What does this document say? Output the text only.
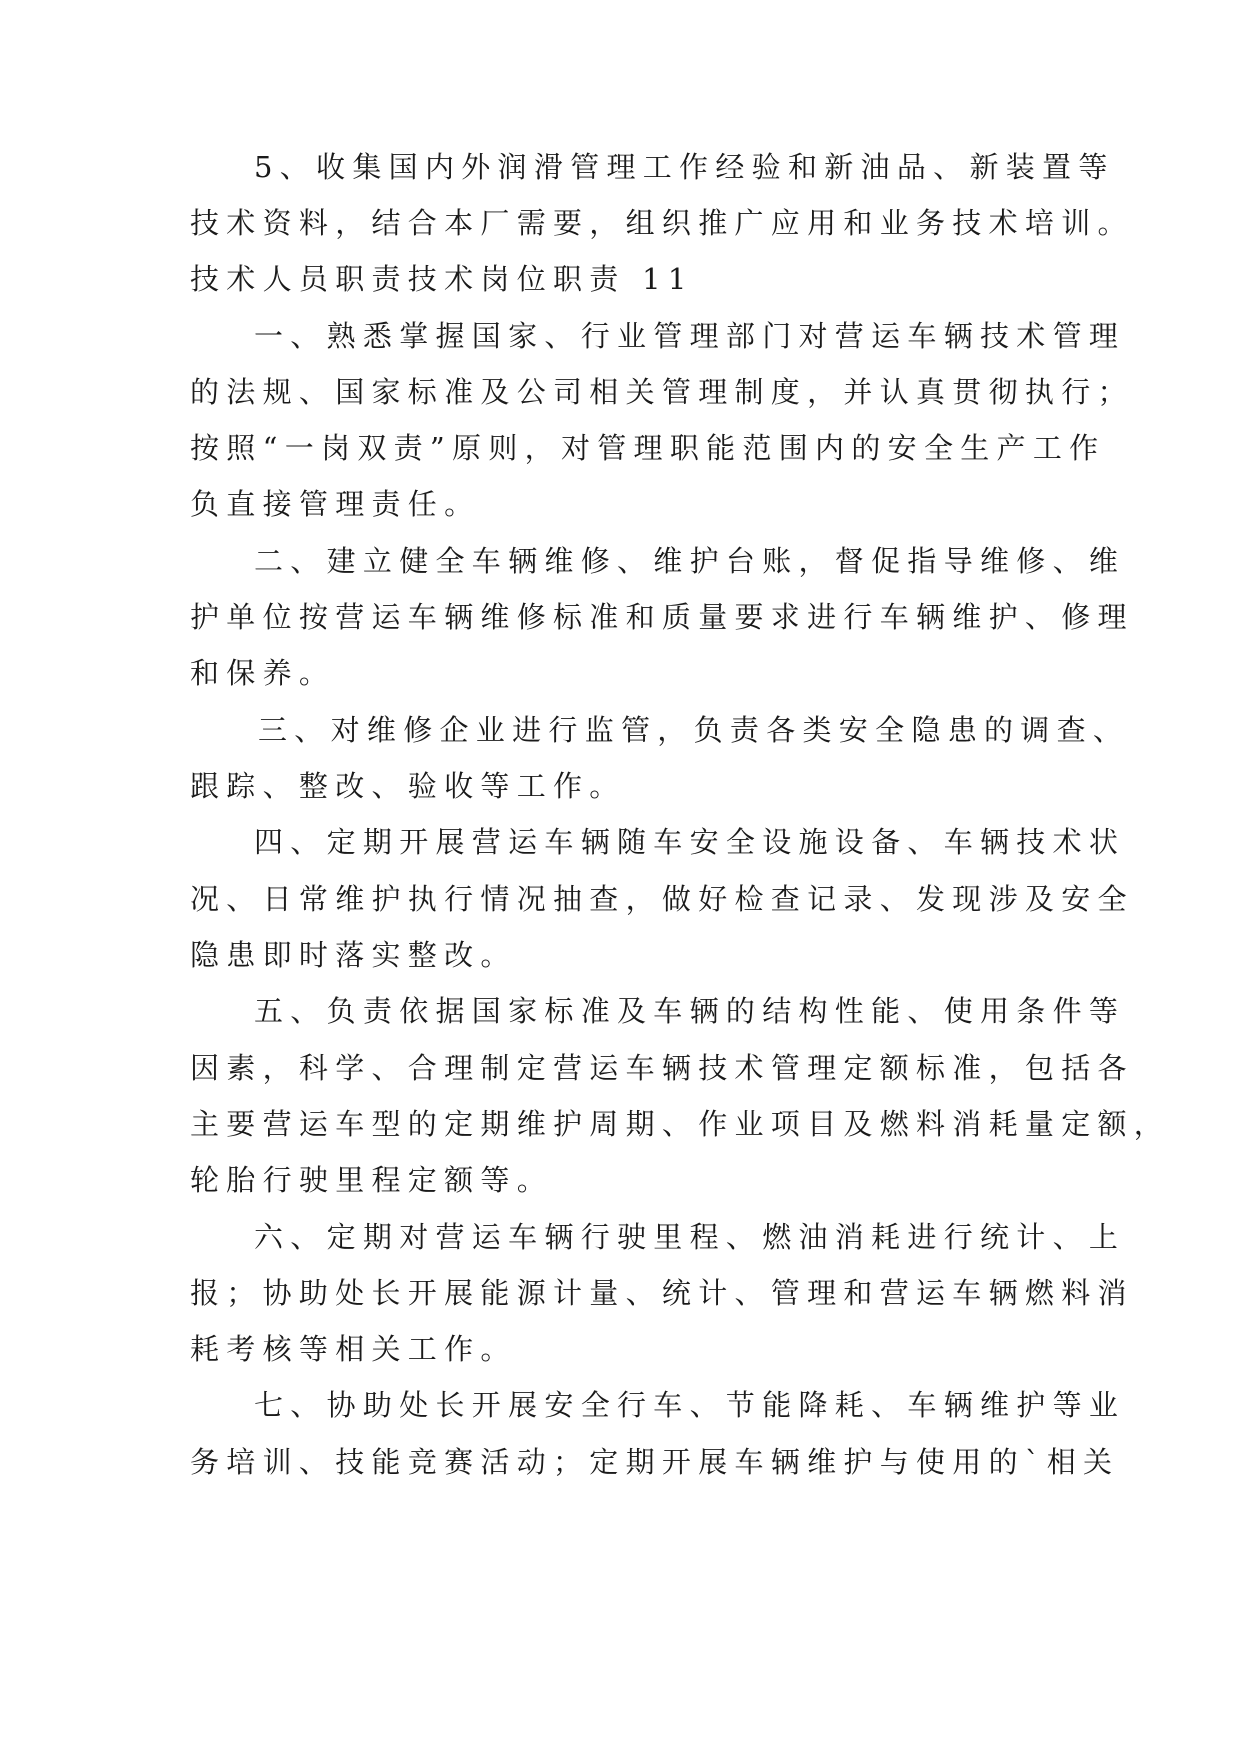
5、收集国内外润滑管理工作经验和新油品、新装置等
技术资料，结合本厂需要，组织推广应用和业务技术培训。
技术人员职责技术岗位职责 11
一、熟悉掌握国家、行业管理部门对营运车辆技术管理
的法规、国家标准及公司相关管理制度，并认真贯彻执行；
按照“一岗双责”原则，对管理职能范围内的安全生产工作
负直接管理责任。
二、建立健全车辆维修、维护台账，督促指导维修、维
护单位按营运车辆维修标准和质量要求进行车辆维护、修理
和保养。
三、对维修企业进行监管，负责各类安全隐患的调查、
跟踪、整改、验收等工作。
四、定期开展营运车辆随车安全设施设备、车辆技术状
况、日常维护执行情况抽查，做好检查记录、发现涉及安全
隐患即时落实整改。
五、负责依据国家标准及车辆的结构性能、使用条件等
因素，科学、合理制定营运车辆技术管理定额标准，包括各
主要营运车型的定期维护周期、作业项目及燃料消耗量定额，
轮胎行驶里程定额等。
六、定期对营运车辆行驶里程、燃油消耗进行统计、上
报；协助处长开展能源计量、统计、管理和营运车辆燃料消
耗考核等相关工作。
七、协助处长开展安全行车、节能降耗、车辆维护等业
务培训、技能竞赛活动；定期开展车辆维护与使用的`相关
